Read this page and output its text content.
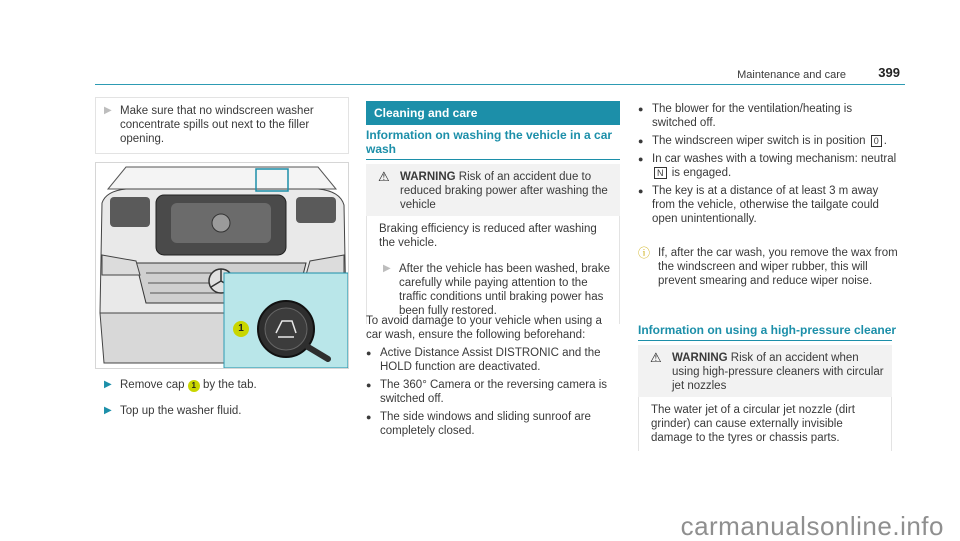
Maintenance and care 399
▶ Make sure that no windscreen washer concentrate spills out next to the filler opening.
1
▶ Remove cap 1 by the tab.
▶ Top up the washer fluid.
Cleaning and care
Information on washing the vehicle in a car wash
⚠ WARNING Risk of an accident due to reduced braking power after washing the vehicle
Braking efficiency is reduced after washing the vehicle.
▶ After the vehicle has been washed, brake carefully while paying attention to the traffic conditions until braking power has been fully restored.
To avoid damage to your vehicle when using a car wash, ensure the following beforehand:
● Active Distance Assist DISTRONIC and the HOLD function are deactivated.
● The 360° Camera or the reversing camera is switched off.
● The side windows and sliding sunroof are completely closed.
● The blower for the ventilation/heating is switched off.
● The windscreen wiper switch is in position 0 .
● In car washes with a towing mechanism: neutral N is engaged.
● The key is at a distance of at least 3 m away from the vehicle, otherwise the tailgate could open unintentionally.
ⓘ If, after the car wash, you remove the wax from the windscreen and wiper rubber, this will prevent smearing and reduce wiper noise.
Information on using a high-pressure cleaner
⚠ WARNING Risk of an accident when using high-pressure cleaners with circular jet nozzles
The water jet of a circular jet nozzle (dirt grinder) can cause externally invisible damage to the tyres or chassis parts.
carmanualsonline.info
